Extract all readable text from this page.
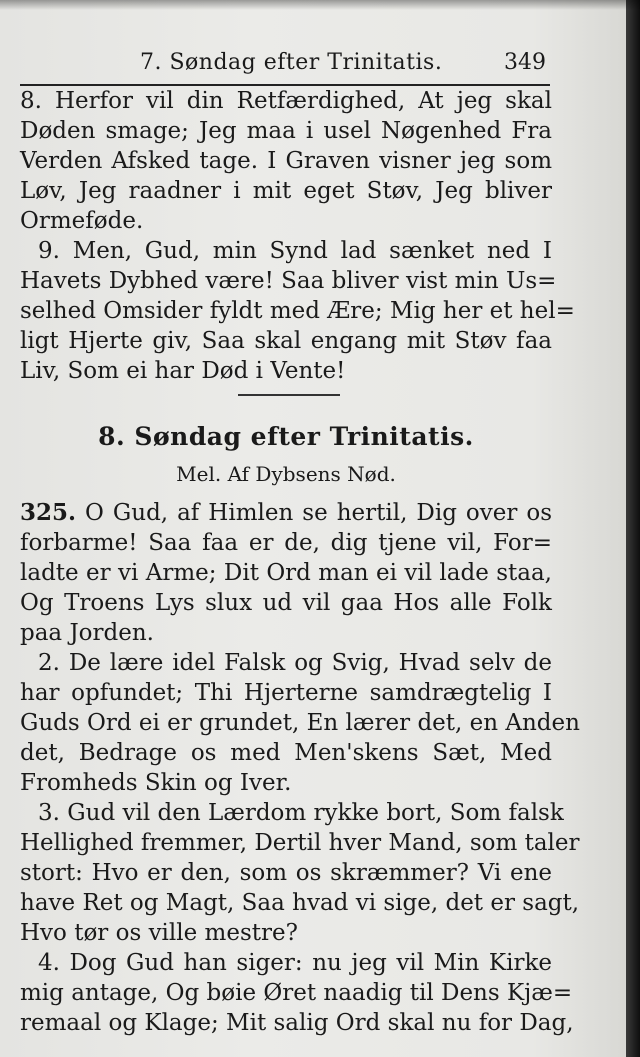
7. Søndag efter Trinitatis.	349
8. Herfor vil din Retfærdighed, At jeg skal
Døden smage; Jeg maa i usel Nøgenhed Fra
Verden Afsked tage. I Graven visner jeg som
Løv, Jeg raadner i mit eget Støv, Jeg bliver
Ormeføde.
9. Men, Gud, min Synd lad sænket ned I
Havets Dybhed være! Saa bliver vist min Us=
selhed Omsider fyldt med Ære; Mig her et hel=
ligt Hjerte giv, Saa skal engang mit Støv faa
Liv, Som ei har Død i Vente!
8. Søndag efter Trinitatis.
Mel. Af Dybsens Nød.
325. O Gud, af Himlen se hertil, Dig over os
forbarme! Saa faa er de, dig tjene vil, For=
ladte er vi Arme; Dit Ord man ei vil lade staa,
Og Troens Lys slux ud vil gaa Hos alle Folk
paa Jorden.
2. De lære idel Falsk og Svig, Hvad selv de
har opfundet; Thi Hjerterne samdrægtelig I
Guds Ord ei er grundet, En lærer det, en Anden
det, Bedrage os med Men'skens Sæt, Med
Fromheds Skin og Iver.
3. Gud vil den Lærdom rykke bort, Som falsk
Hellighed fremmer, Dertil hver Mand, som taler
stort: Hvo er den, som os skræmmer? Vi ene
have Ret og Magt, Saa hvad vi sige, det er sagt,
Hvo tør os ville mestre?
4. Dog Gud han siger: nu jeg vil Min Kirke
mig antage, Og bøie Øret naadig til Dens Kjæ=
remaal og Klage; Mit salig Ord skal nu for Dag,
